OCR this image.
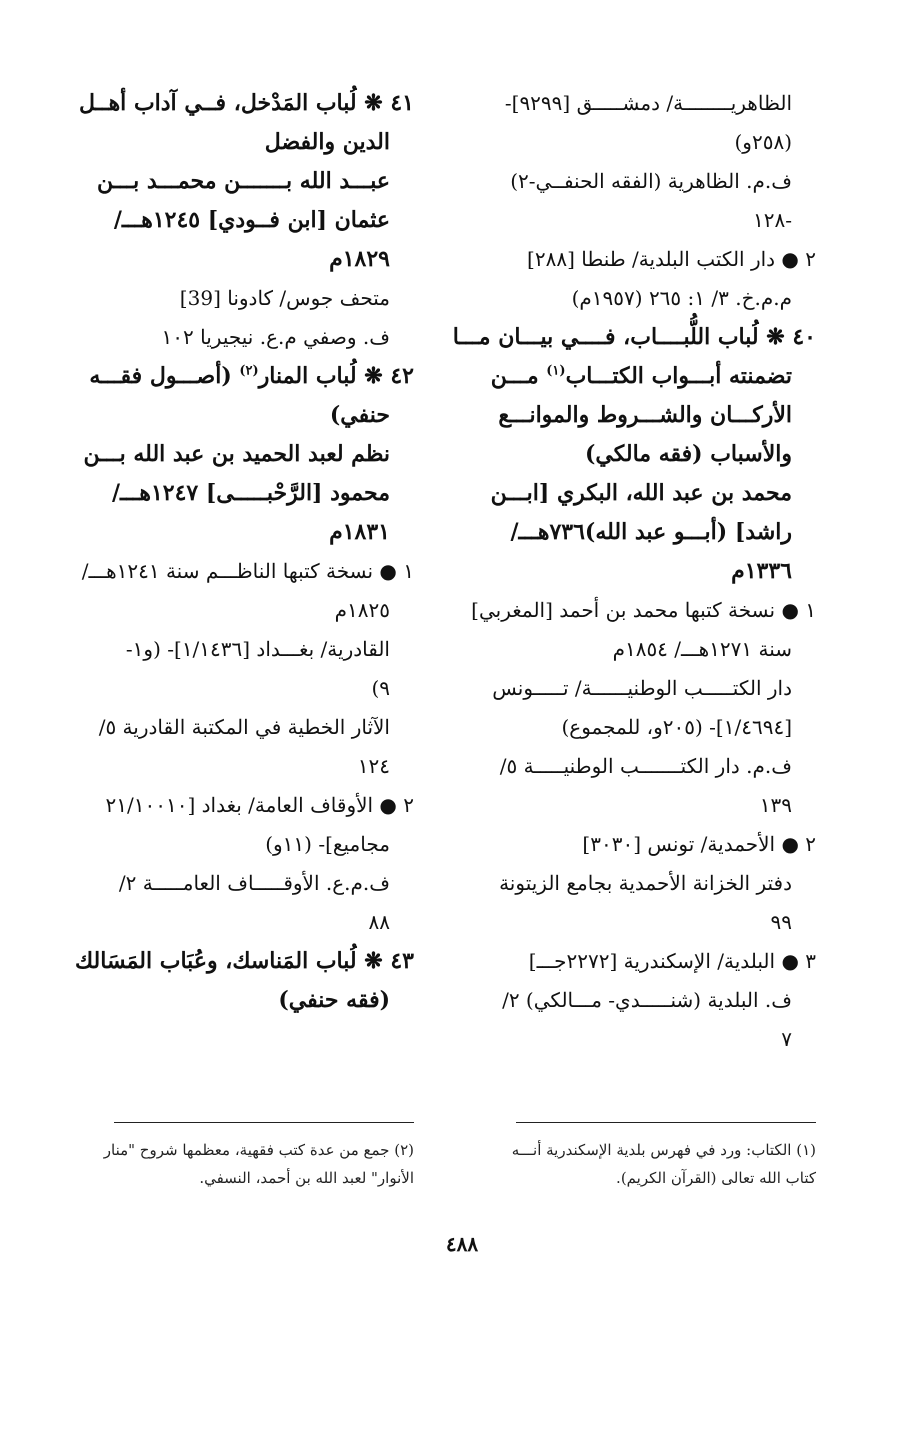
الظاهريــــــــة/ دمشـــــق [٩٢٩٩]-
(٢٥٨و)
ف.م. الظاهرية (الفقه الحنفــي-٢)
-١٢٨
٢ ● دار الكتب البلدية/ طنطا [٢٨٨]
م.م.خ. ٣/ ١: ٢٦٥ (١٩٥٧م)
٤٠ ❋ لُباب اللُّبــــاب، فــــي بيـــان مـــا
تضمنته أبـــواب الكتـــاب$^{(١)}$ مـــن
الأركـــان والشـــروط والموانـــع
والأسباب (فقه مالكي)
محمد بن عبد الله، البكري [ابـــن
راشد] (أبـــو عبد الله)٧٣٦هـــ/
١٣٣٦م
١ ● نسخة كتبها محمد بن أحمد [المغربي]
سنة ١٢٧١هـــ/ ١٨٥٤م
دار الكتـــــب الوطنيــــــة/ تـــــونس
[١/٤٦٩٤]- (٢٠٥و، للمجموع)
ف.م. دار الكتـــــــب الوطنيـــــة ٥/
١٣٩
٢ ● الأحمدية/ تونس [٣٠٣٠]
دفتر الخزانة الأحمدية بجامع الزيتونة
٩٩
٣ ● البلدية/ الإسكندرية [٢٢٧٢جـــ]
ف. البلدية (شنـــــدي- مـــالكي) ٢/
٧
٤١ ❋ لُباب المَدْخل، فــي آداب أهــل
الدين والفضل
عبـــد الله بـــــــن محمـــد بـــن
عثمان [ابن فــودي] ١٢٤٥هـــ/
١٨٢٩م
متحف جوس/ كادونا [39]
ف. وصفي م.ع. نيجيريا ١٠٢
٤٢ ❋ لُباب المنار$^{(٢)}$ (أصـــول فقـــه
حنفي)
نظم لعبد الحميد بن عبد الله بـــن
محمود [الرَّحْبـــــى] ١٢٤٧هـــ/
١٨٣١م
١ ● نسخة كتبها الناظـــم سنة ١٢٤١هـــ/
١٨٢٥م
القادرية/ بغـــداد [١/١٤٣٦]- (و١-
٩)
الآثار الخطية في المكتبة القادرية ٥/
١٢٤
٢ ● الأوقاف العامة/ بغداد [٢١/١٠٠١٠
مجاميع]- (١١و)
ف.م.ع. الأوقـــــاف العامـــــة ٢/
٨٨
٤٣ ❋ لُباب المَناسك، وعُبَاب المَسَالك
(فقه حنفي)
(١) الكتاب: ورد في فهرس بلدية الإسكندرية أنـــه
كتاب الله تعالى (القرآن الكريم).
(٢) جمع من عدة كتب فقهية، معظمها شروح "منار
الأنوار" لعبد الله بن أحمد، النسفي.
٤٨٨
